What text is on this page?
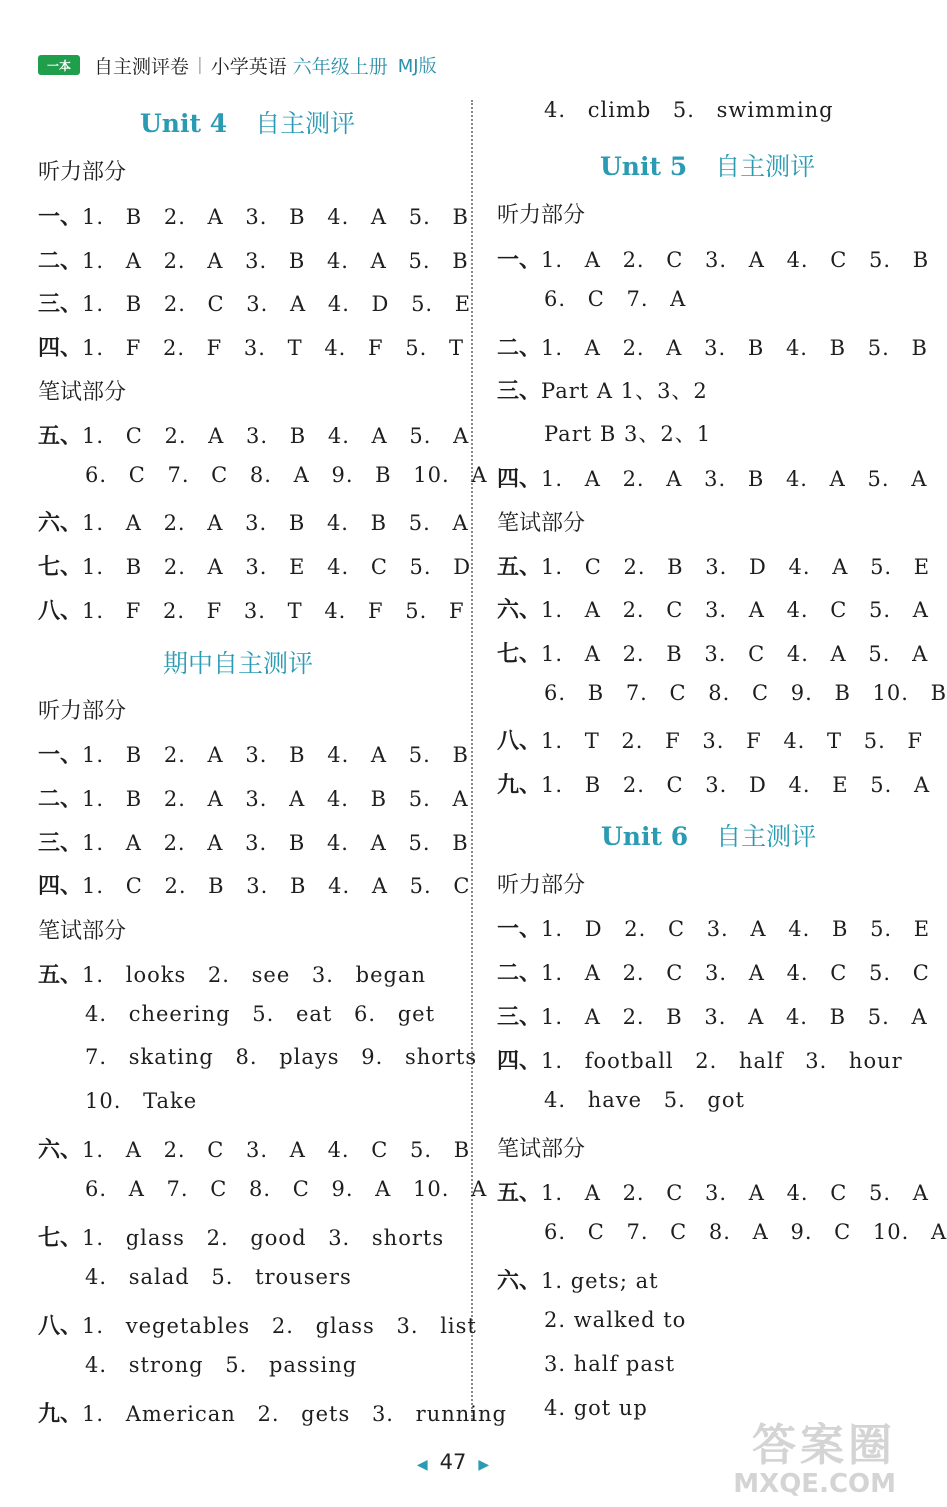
一本	自主测评卷 | 小学英语 六年级上册 MJ版
Unit 4 自主测评
听力部分
一、1. B 2. A 3. B 4. A 5. B
二、1. A 2. A 3. B 4. A 5. B
三、1. B 2. C 3. A 4. D 5. E
四、1. F 2. F 3. T 4. F 5. T
笔试部分
五、1. C 2. A 3. B 4. A 5. A
6. C 7. C 8. A 9. B 10. A
六、1. A 2. A 3. B 4. B 5. A
七、1. B 2. A 3. E 4. C 5. D
八、1. F 2. F 3. T 4. F 5. F
期中自主测评
听力部分
一、1. B 2. A 3. B 4. A 5. B
二、1. B 2. A 3. A 4. B 5. A
三、1. A 2. A 3. B 4. A 5. B
四、1. C 2. B 3. B 4. A 5. C
笔试部分
五、1. looks 2. see 3. began
4. cheering 5. eat 6. get
7. skating 8. plays 9. shorts
10. Take
六、1. A 2. C 3. A 4. C 5. B
6. A 7. C 8. C 9. A 10. A
七、1. glass 2. good 3. shorts
4. salad 5. trousers
八、1. vegetables 2. glass 3. list
4. strong 5. passing
九、1. American 2. gets 3. running
4. climb 5. swimming
Unit 5 自主测评
听力部分
一、1. A 2. C 3. A 4. C 5. B
6. C 7. A
二、1. A 2. A 3. B 4. B 5. B
三、Part A 1、3、2
Part B 3、2、1
四、1. A 2. A 3. B 4. A 5. A
笔试部分
五、1. C 2. B 3. D 4. A 5. E
六、1. A 2. C 3. A 4. C 5. A
七、1. A 2. B 3. C 4. A 5. A
6. B 7. C 8. C 9. B 10. B
八、1. T 2. F 3. F 4. T 5. F
九、1. B 2. C 3. D 4. E 5. A
Unit 6 自主测评
听力部分
一、1. D 2. C 3. A 4. B 5. E
二、1. A 2. C 3. A 4. C 5. C
三、1. A 2. B 3. A 4. B 5. A
四、1. football 2. half 3. hour
4. have 5. got
笔试部分
五、1. A 2. C 3. A 4. C 5. A
6. C 7. C 8. A 9. C 10. A
六、1. gets; at
2. walked to
3. half past
4. got up
◀ 47 ▶	答案圈
MXQE.COM
